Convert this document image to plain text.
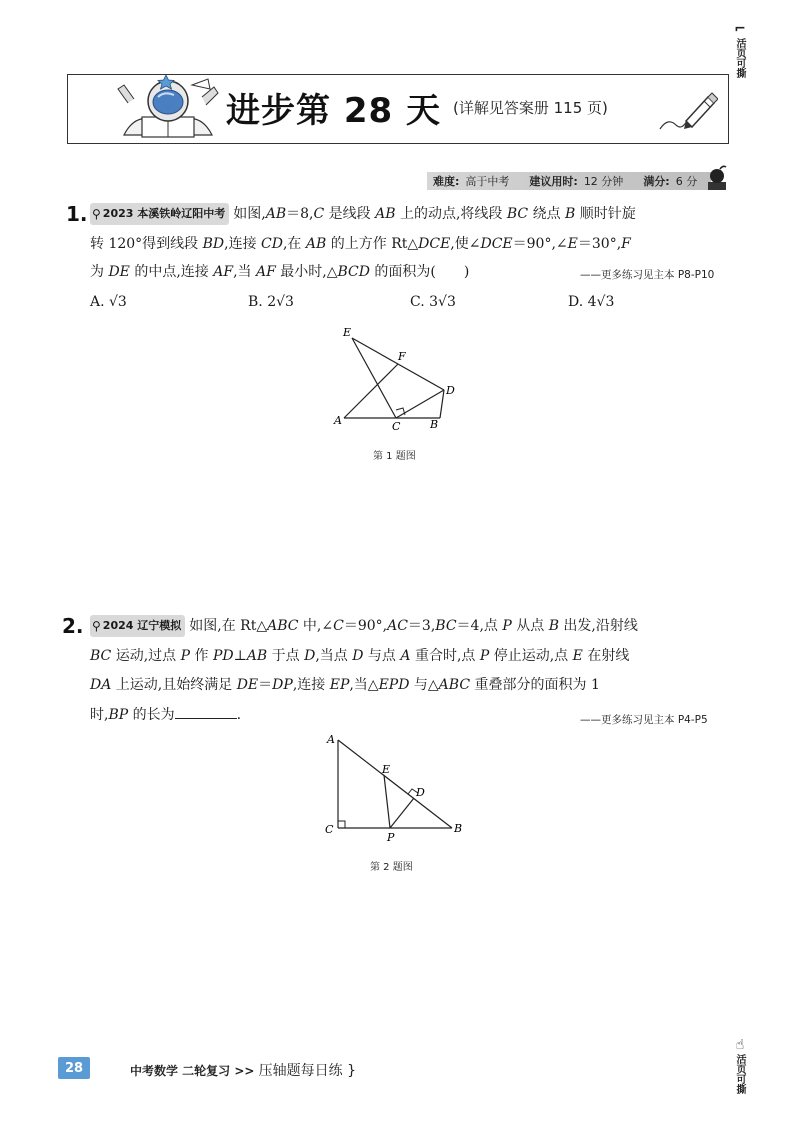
⌐
活页可撕
☝
活页可撕
进步第 28 天 (详解见答案册 115 页)
难度: 高于中考 建议用时: 12 分钟 满分: 6 分
1. ⚲ 2023 本溪铁岭辽阳中考 如图,AB＝8,C 是线段 AB 上的动点,将线段 BC 绕点 B 顺时针旋
转 120°得到线段 BD,连接 CD,在 AB 的上方作 Rt△DCE,使∠DCE＝90°,∠E＝30°,F
为 DE 的中点,连接 AF,当 AF 最小时,△BCD 的面积为(　　)	——更多练习见主本 P8-P10
A. √3	B. 2√3	C. 3√3	D. 4√3
E
F
D
A	C	B
第 1 题图
2. ⚲ 2024 辽宁模拟 如图,在 Rt△ABC 中,∠C＝90°,AC＝3,BC＝4,点 P 从点 B 出发,沿射线
BC 运动,过点 P 作 PD⊥AB 于点 D,当点 D 与点 A 重合时,点 P 停止运动,点 E 在射线
DA 上运动,且始终满足 DE＝DP,连接 EP,当△EPD 与△ABC 重叠部分的面积为 1
时,BP 的长为	.	——更多练习见主本 P4-P5
A
E
D
C
P
B
第 2 题图
28	中考数学 二轮复习 >> 压轴题每日练 }
